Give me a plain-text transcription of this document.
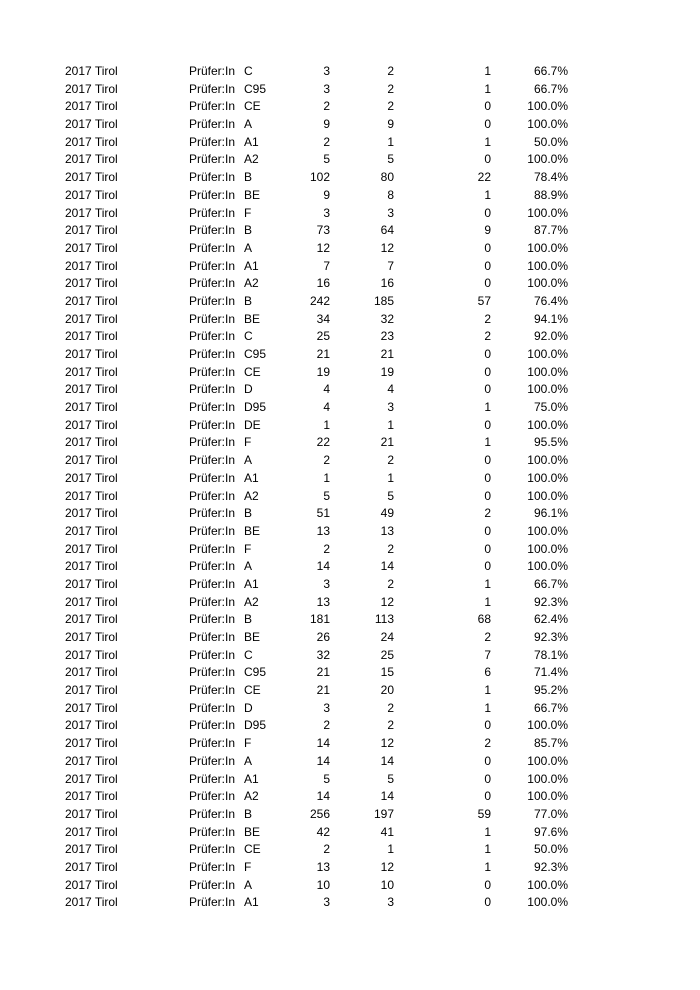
2017 Tirol	Prüfer:In C	3	2	1	66.7%
2017 Tirol	Prüfer:In C95	3	2	1	66.7%
2017 Tirol	Prüfer:In CE	2	2	0	100.0%
2017 Tirol	Prüfer:In A	9	9	0	100.0%
2017 Tirol	Prüfer:In A1	2	1	1	50.0%
2017 Tirol	Prüfer:In A2	5	5	0	100.0%
2017 Tirol	Prüfer:In B	102	80	22	78.4%
2017 Tirol	Prüfer:In BE	9	8	1	88.9%
2017 Tirol	Prüfer:In F	3	3	0	100.0%
2017 Tirol	Prüfer:In B	73	64	9	87.7%
2017 Tirol	Prüfer:In A	12	12	0	100.0%
2017 Tirol	Prüfer:In A1	7	7	0	100.0%
2017 Tirol	Prüfer:In A2	16	16	0	100.0%
2017 Tirol	Prüfer:In B	242	185	57	76.4%
2017 Tirol	Prüfer:In BE	34	32	2	94.1%
2017 Tirol	Prüfer:In C	25	23	2	92.0%
2017 Tirol	Prüfer:In C95	21	21	0	100.0%
2017 Tirol	Prüfer:In CE	19	19	0	100.0%
2017 Tirol	Prüfer:In D	4	4	0	100.0%
2017 Tirol	Prüfer:In D95	4	3	1	75.0%
2017 Tirol	Prüfer:In DE	1	1	0	100.0%
2017 Tirol	Prüfer:In F	22	21	1	95.5%
2017 Tirol	Prüfer:In A	2	2	0	100.0%
2017 Tirol	Prüfer:In A1	1	1	0	100.0%
2017 Tirol	Prüfer:In A2	5	5	0	100.0%
2017 Tirol	Prüfer:In B	51	49	2	96.1%
2017 Tirol	Prüfer:In BE	13	13	0	100.0%
2017 Tirol	Prüfer:In F	2	2	0	100.0%
2017 Tirol	Prüfer:In A	14	14	0	100.0%
2017 Tirol	Prüfer:In A1	3	2	1	66.7%
2017 Tirol	Prüfer:In A2	13	12	1	92.3%
2017 Tirol	Prüfer:In B	181	113	68	62.4%
2017 Tirol	Prüfer:In BE	26	24	2	92.3%
2017 Tirol	Prüfer:In C	32	25	7	78.1%
2017 Tirol	Prüfer:In C95	21	15	6	71.4%
2017 Tirol	Prüfer:In CE	21	20	1	95.2%
2017 Tirol	Prüfer:In D	3	2	1	66.7%
2017 Tirol	Prüfer:In D95	2	2	0	100.0%
2017 Tirol	Prüfer:In F	14	12	2	85.7%
2017 Tirol	Prüfer:In A	14	14	0	100.0%
2017 Tirol	Prüfer:In A1	5	5	0	100.0%
2017 Tirol	Prüfer:In A2	14	14	0	100.0%
2017 Tirol	Prüfer:In B	256	197	59	77.0%
2017 Tirol	Prüfer:In BE	42	41	1	97.6%
2017 Tirol	Prüfer:In CE	2	1	1	50.0%
2017 Tirol	Prüfer:In F	13	12	1	92.3%
2017 Tirol	Prüfer:In A	10	10	0	100.0%
2017 Tirol	Prüfer:In A1	3	3	0	100.0%
